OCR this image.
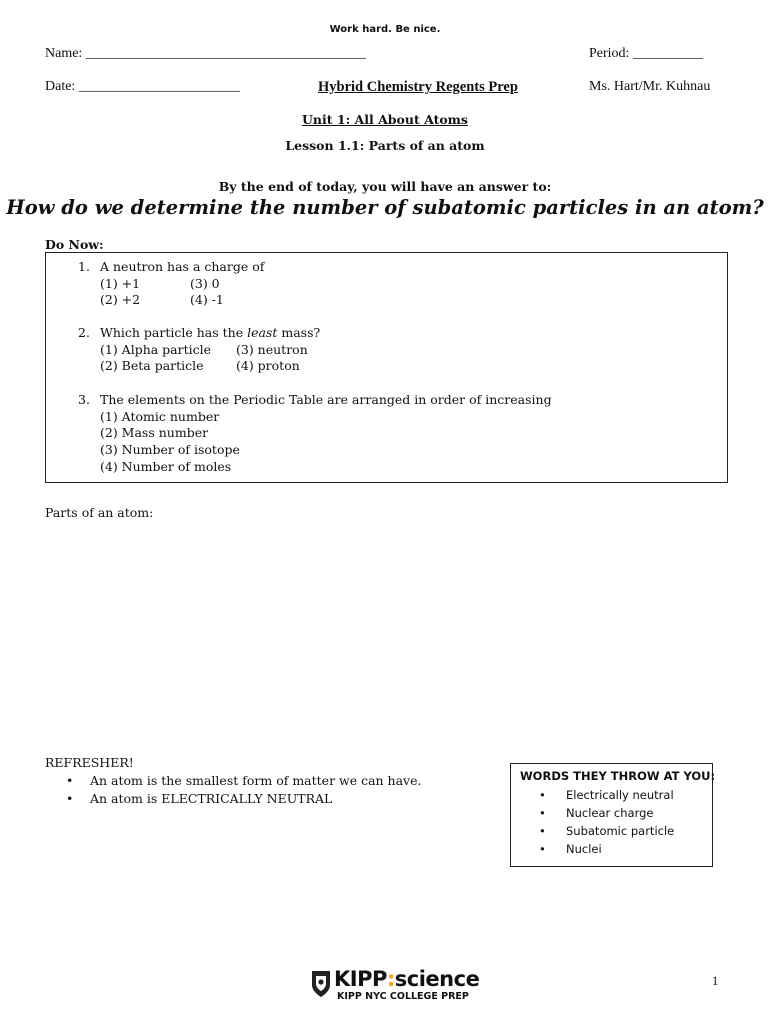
Work hard. Be nice.
Name: ________________________________________	Period: __________
Date: _______________________	Hybrid Chemistry Regents Prep	Ms. Hart/Mr. Kuhnau
Unit 1: All About Atoms
Lesson 1.1: Parts of an atom
By the end of today, you will have an answer to:
How do we determine the number of subatomic particles in an atom?
Do Now:
1. A neutron has a charge of
(1) +1	(3) 0
(2) +2	(4) -1
2. Which particle has the least mass?
(1) Alpha particle (3) neutron
(2) Beta particle	(4) proton
3. The elements on the Periodic Table are arranged in order of increasing
(1) Atomic number
(2) Mass number
(3) Number of isotope
(4) Number of moles
Parts of an atom:
REFRESHER!
• An atom is the smallest form of matter we can have.
• An atom is ELECTRICALLY NEUTRAL
WORDS THEY THROW AT YOU:
• Electrically neutral
• Nuclear charge
• Subatomic particle
• Nuclei
KIPP:science
KIPP NYC COLLEGE PREP
1
